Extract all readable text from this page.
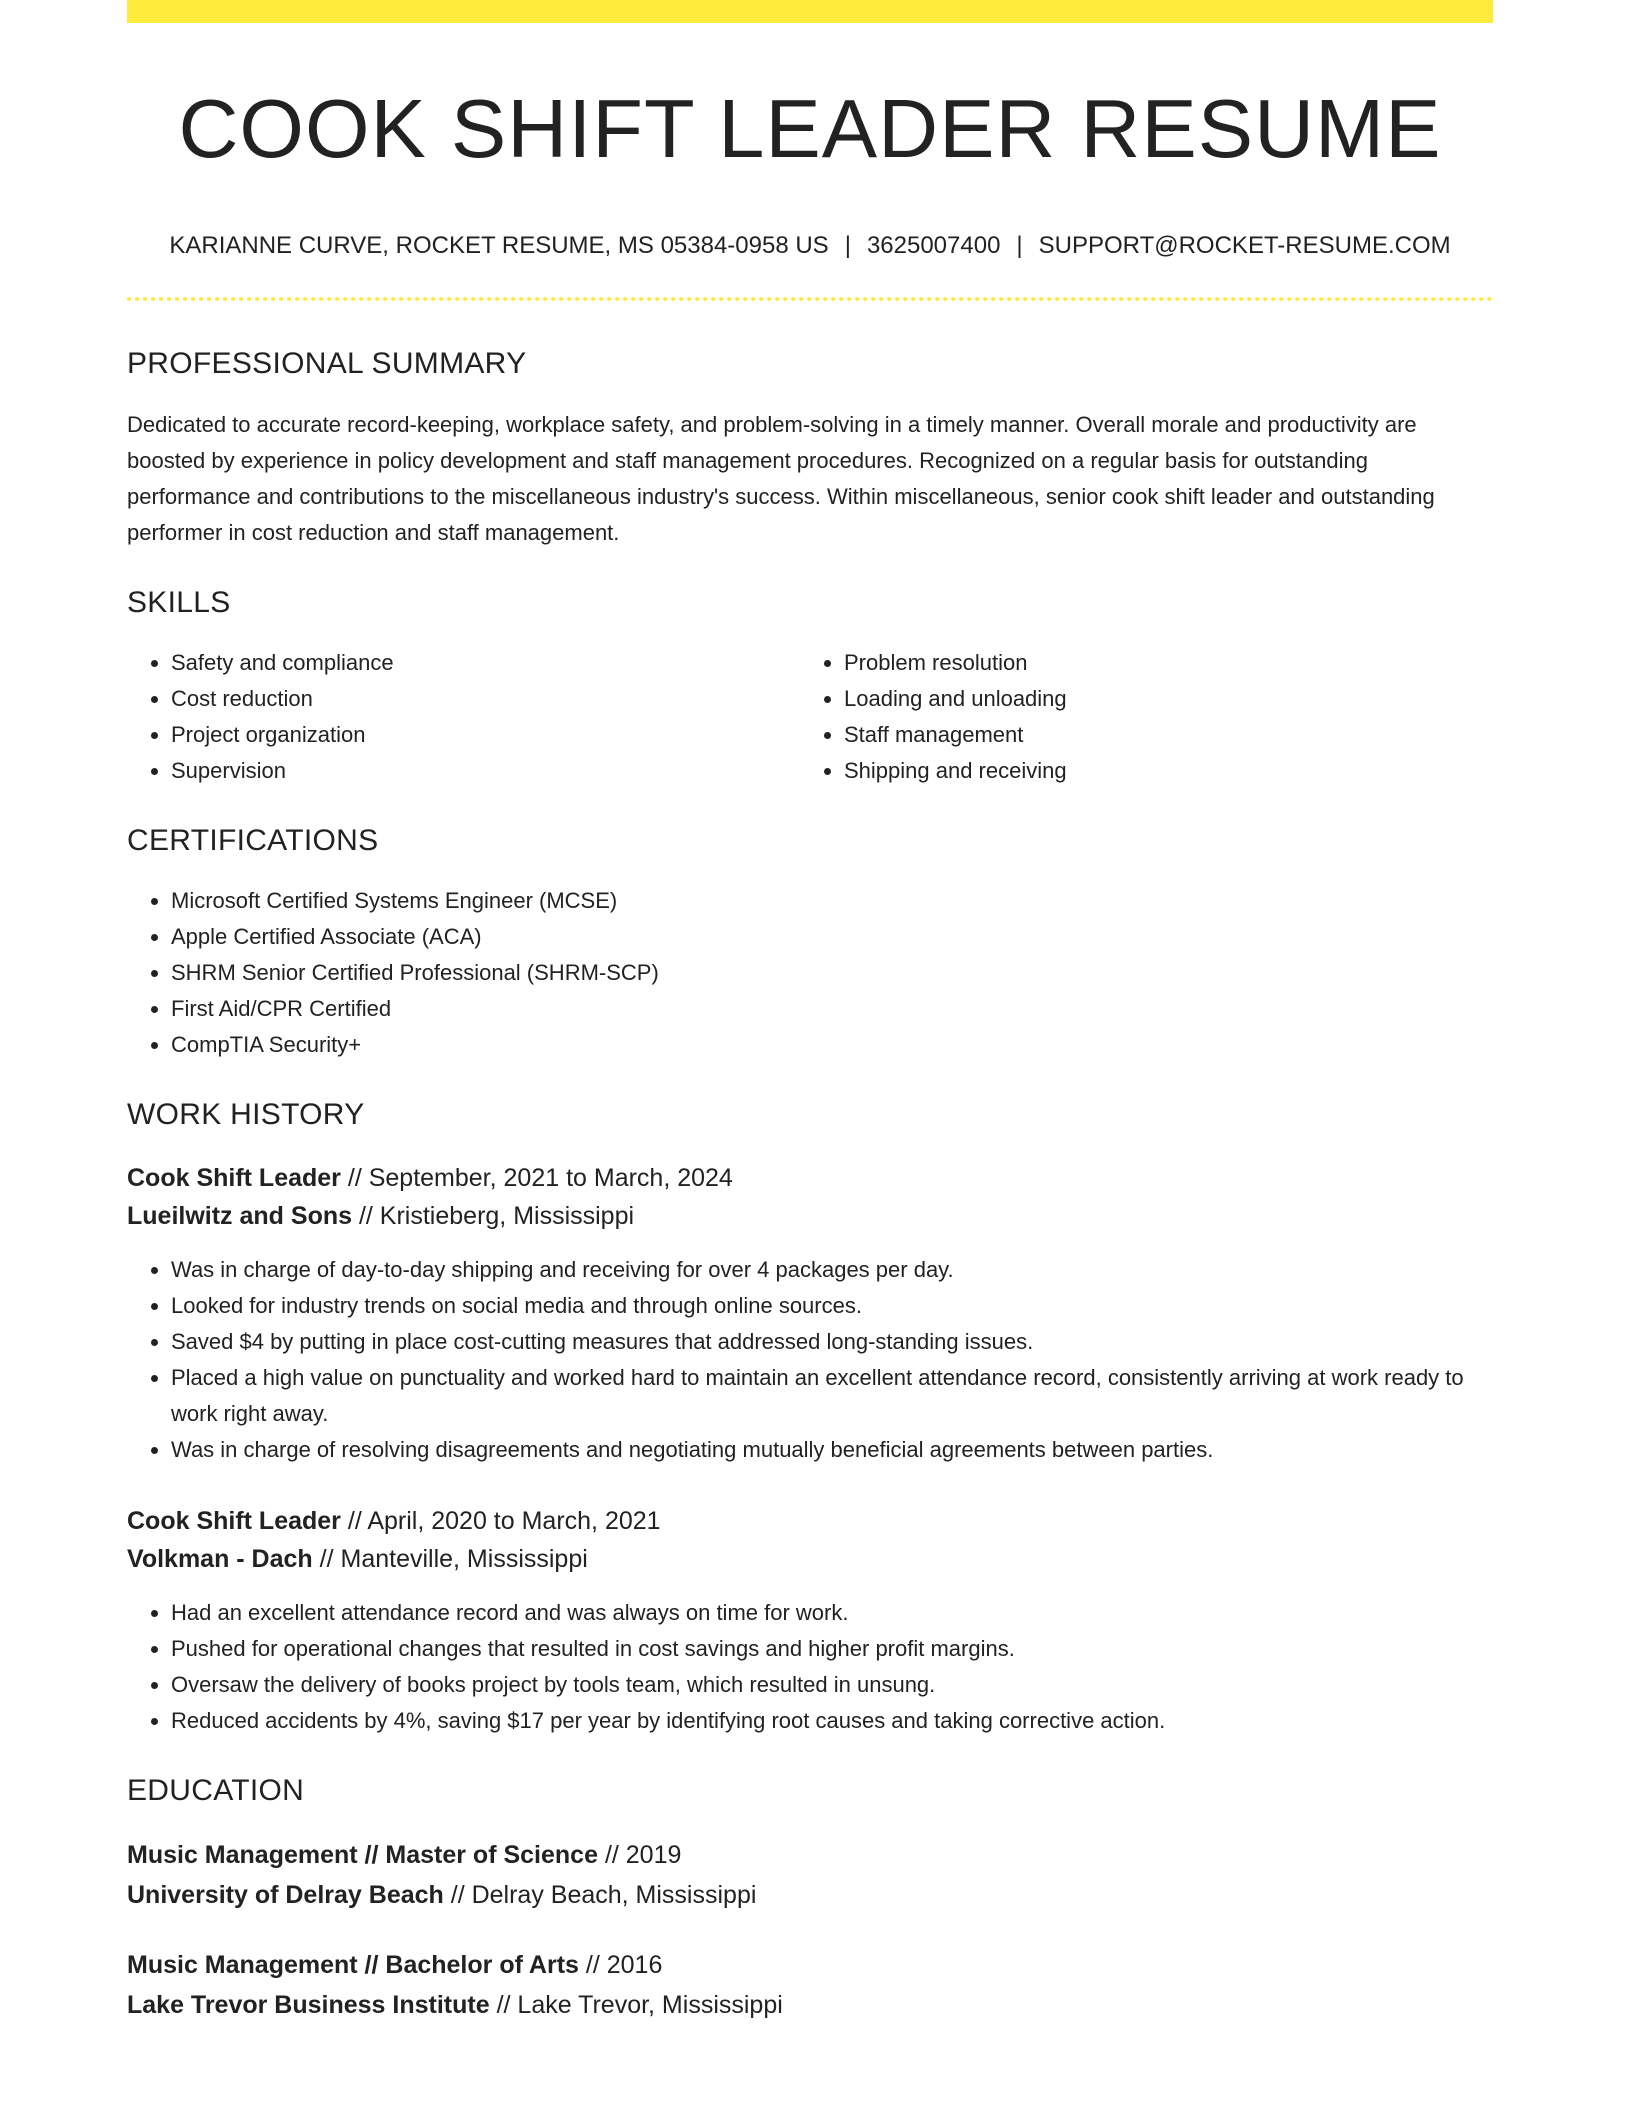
COOK SHIFT LEADER RESUME
KARIANNE CURVE, ROCKET RESUME, MS 05384-0958 US | 3625007400 | SUPPORT@ROCKET-RESUME.COM
PROFESSIONAL SUMMARY

Dedicated to accurate record-keeping, workplace safety, and problem-solving in a timely manner. Overall morale and productivity are boosted by experience in policy development and staff management procedures. Recognized on a regular basis for outstanding performance and contributions to the miscellaneous industry's success. Within miscellaneous, senior cook shift leader and outstanding performer in cost reduction and staff management.

SKILLS
• Safety and compliance
• Cost reduction
• Project organization
• Supervision
• Problem resolution
• Loading and unloading
• Staff management
• Shipping and receiving
CERTIFICATIONS
• Microsoft Certified Systems Engineer (MCSE)
• Apple Certified Associate (ACA)
• SHRM Senior Certified Professional (SHRM-SCP)
• First Aid/CPR Certified
• CompTIA Security+
WORK HISTORY
Cook Shift Leader // September, 2021 to March, 2024
Lueilwitz and Sons // Kristieberg, Mississippi
• Was in charge of day-to-day shipping and receiving for over 4 packages per day.
• Looked for industry trends on social media and through online sources.
• Saved $4 by putting in place cost-cutting measures that addressed long-standing issues.
• Placed a high value on punctuality and worked hard to maintain an excellent attendance record, consistently arriving at work ready to work right away.
• Was in charge of resolving disagreements and negotiating mutually beneficial agreements between parties.
Cook Shift Leader // April, 2020 to March, 2021
Volkman - Dach // Manteville, Mississippi
• Had an excellent attendance record and was always on time for work.
• Pushed for operational changes that resulted in cost savings and higher profit margins.
• Oversaw the delivery of books project by tools team, which resulted in unsung.
• Reduced accidents by 4%, saving $17 per year by identifying root causes and taking corrective action.
EDUCATION
Music Management // Master of Science // 2019
University of Delray Beach // Delray Beach, Mississippi
Music Management // Bachelor of Arts // 2016
Lake Trevor Business Institute // Lake Trevor, Mississippi
